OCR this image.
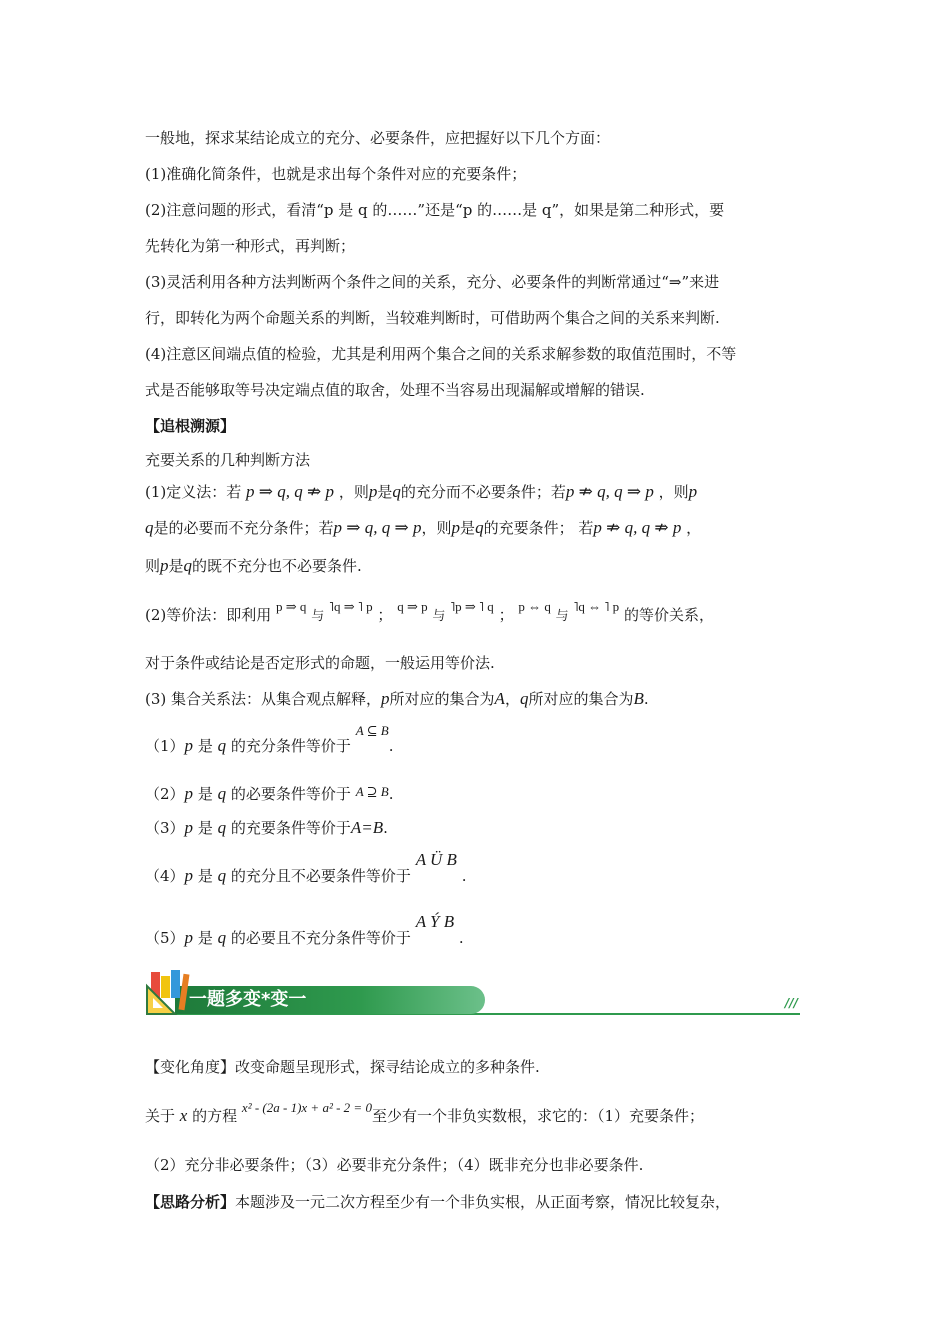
一般地，探求某结论成立的充分、必要条件，应把握好以下几个方面：
(1)准确化简条件，也就是求出每个条件对应的充要条件；
(2)注意问题的形式，看清“p 是 q 的……”还是“p 的……是 q”，如果是第二种形式，要
先转化为第一种形式，再判断；
(3)灵活利用各种方法判断两个条件之间的关系，充分、必要条件的判断常通过“⇒”来进
行，即转化为两个命题关系的判断，当较难判断时，可借助两个集合之间的关系来判断.
(4)注意区间端点值的检验，尤其是利用两个集合之间的关系求解参数的取值范围时，不等
式是否能够取等号决定端点值的取舍，处理不当容易出现漏解或增解的错误.
【追根溯源】
充要关系的几种判断方法
(1)定义法：若 p ⇒ q, q ⇏ p ，则p是q的充分而不必要条件；若p ⇏ q, q ⇒ p ，则p
q是的必要而不充分条件；若p ⇒ q, q ⇒ p，则p是q的充要条件； 若p ⇏ q, q ⇏ p ，
则p是q的既不充分也不必要条件.
(2)等价法：即利用 p ⇒ q 与 ˥q ⇒ ˥ p ； q ⇒ p 与 ˥p ⇒ ˥ q ； p ⇔ q 与 ˥q ⇔ ˥ p 的等价关系，
对于条件或结论是否定形式的命题，一般运用等价法.
(3) 集合关系法：从集合观点解释，p所对应的集合为A，q所对应的集合为B.
（1）p 是 q 的充分条件等价于 A ⊆ B.
（2）p 是 q 的必要条件等价于 A ⊇ B.
（3）p 是 q 的充要条件等价于A=B.
（4）p 是 q 的充分且不必要条件等价于 A Ü B .
（5）p 是 q 的必要且不充分条件等价于 A Ý B .
一题多变*变一	///
【变化角度】改变命题呈现形式，探寻结论成立的多种条件.
关于 x 的方程 x² - (2a - 1)x + a² - 2 = 0至少有一个非负实数根，求它的：（1）充要条件；
（2）充分非必要条件；（3）必要非充分条件；（4）既非充分也非必要条件.
【思路分析】本题涉及一元二次方程至少有一个非负实根，从正面考察，情况比较复杂，
